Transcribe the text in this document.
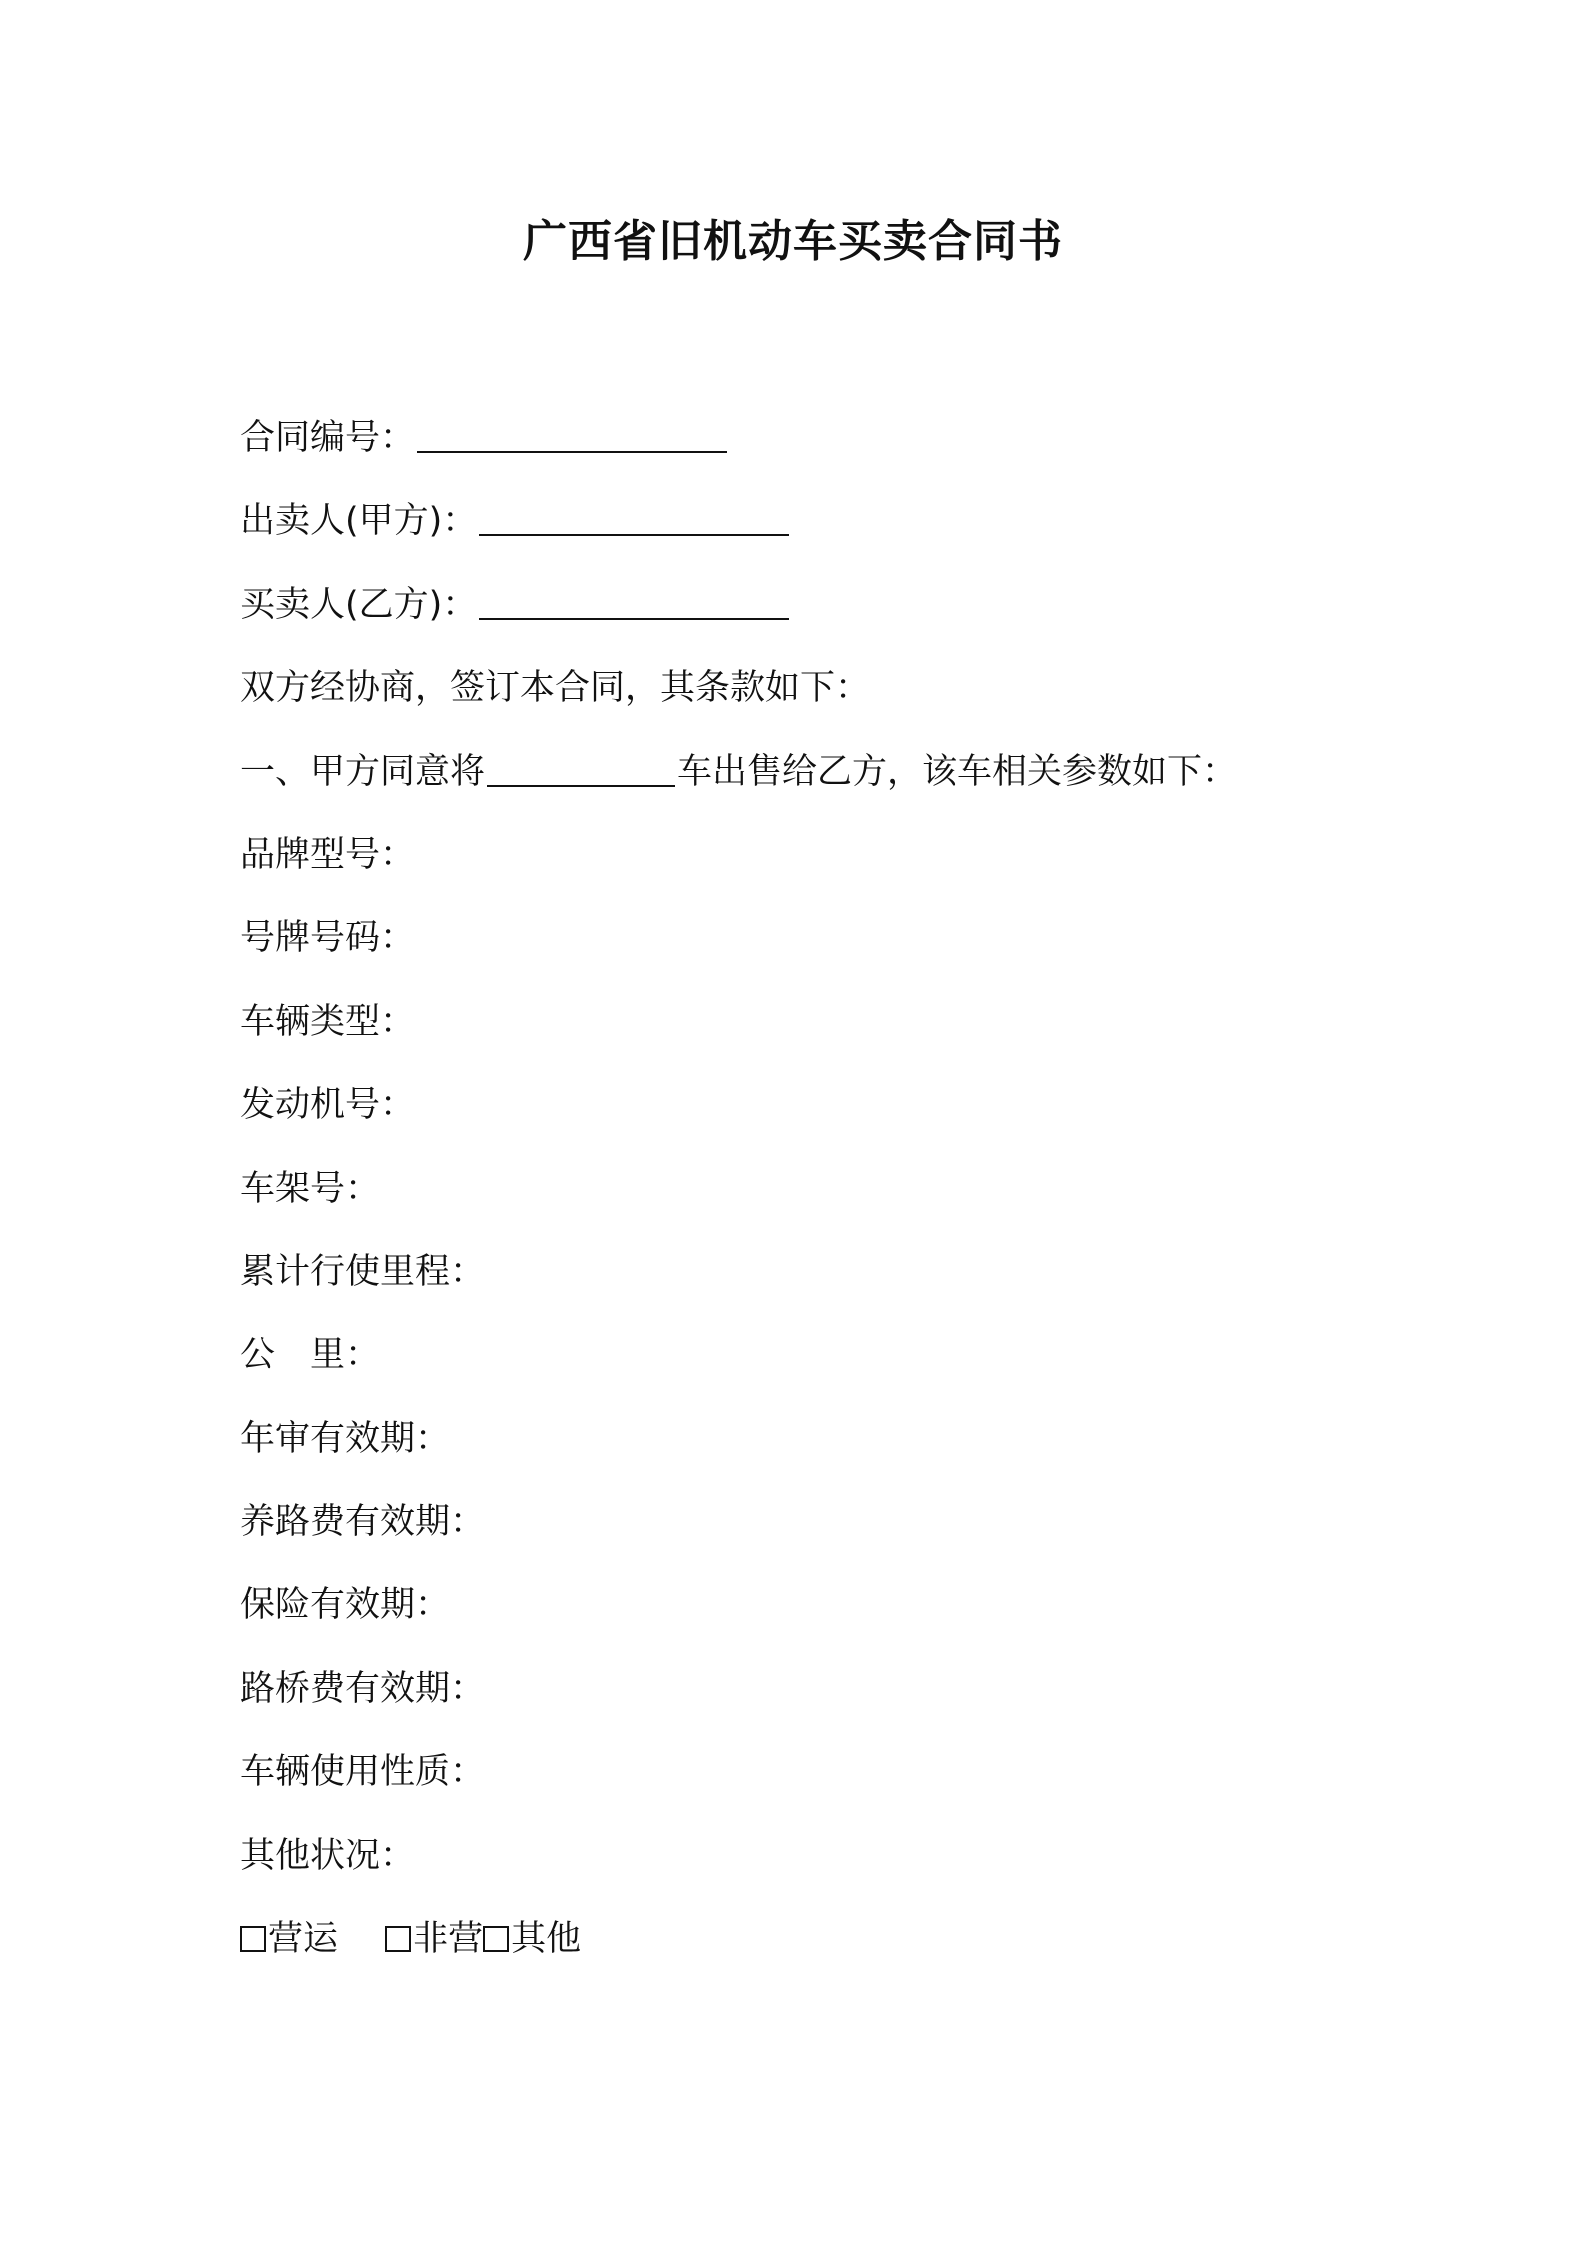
广西省旧机动车买卖合同书
合同编号：
出卖人(甲方)：
买卖人(乙方)：
双方经协商，签订本合同，其条款如下：
一、甲方同意将	车出售给乙方，该车相关参数如下：
品牌型号：
号牌号码：
车辆类型：
发动机号：
车架号：
累计行使里程：
公　里：
年审有效期：
养路费有效期：
保险有效期：
路桥费有效期：
车辆使用性质：
其他状况：
营运 非营 其他
